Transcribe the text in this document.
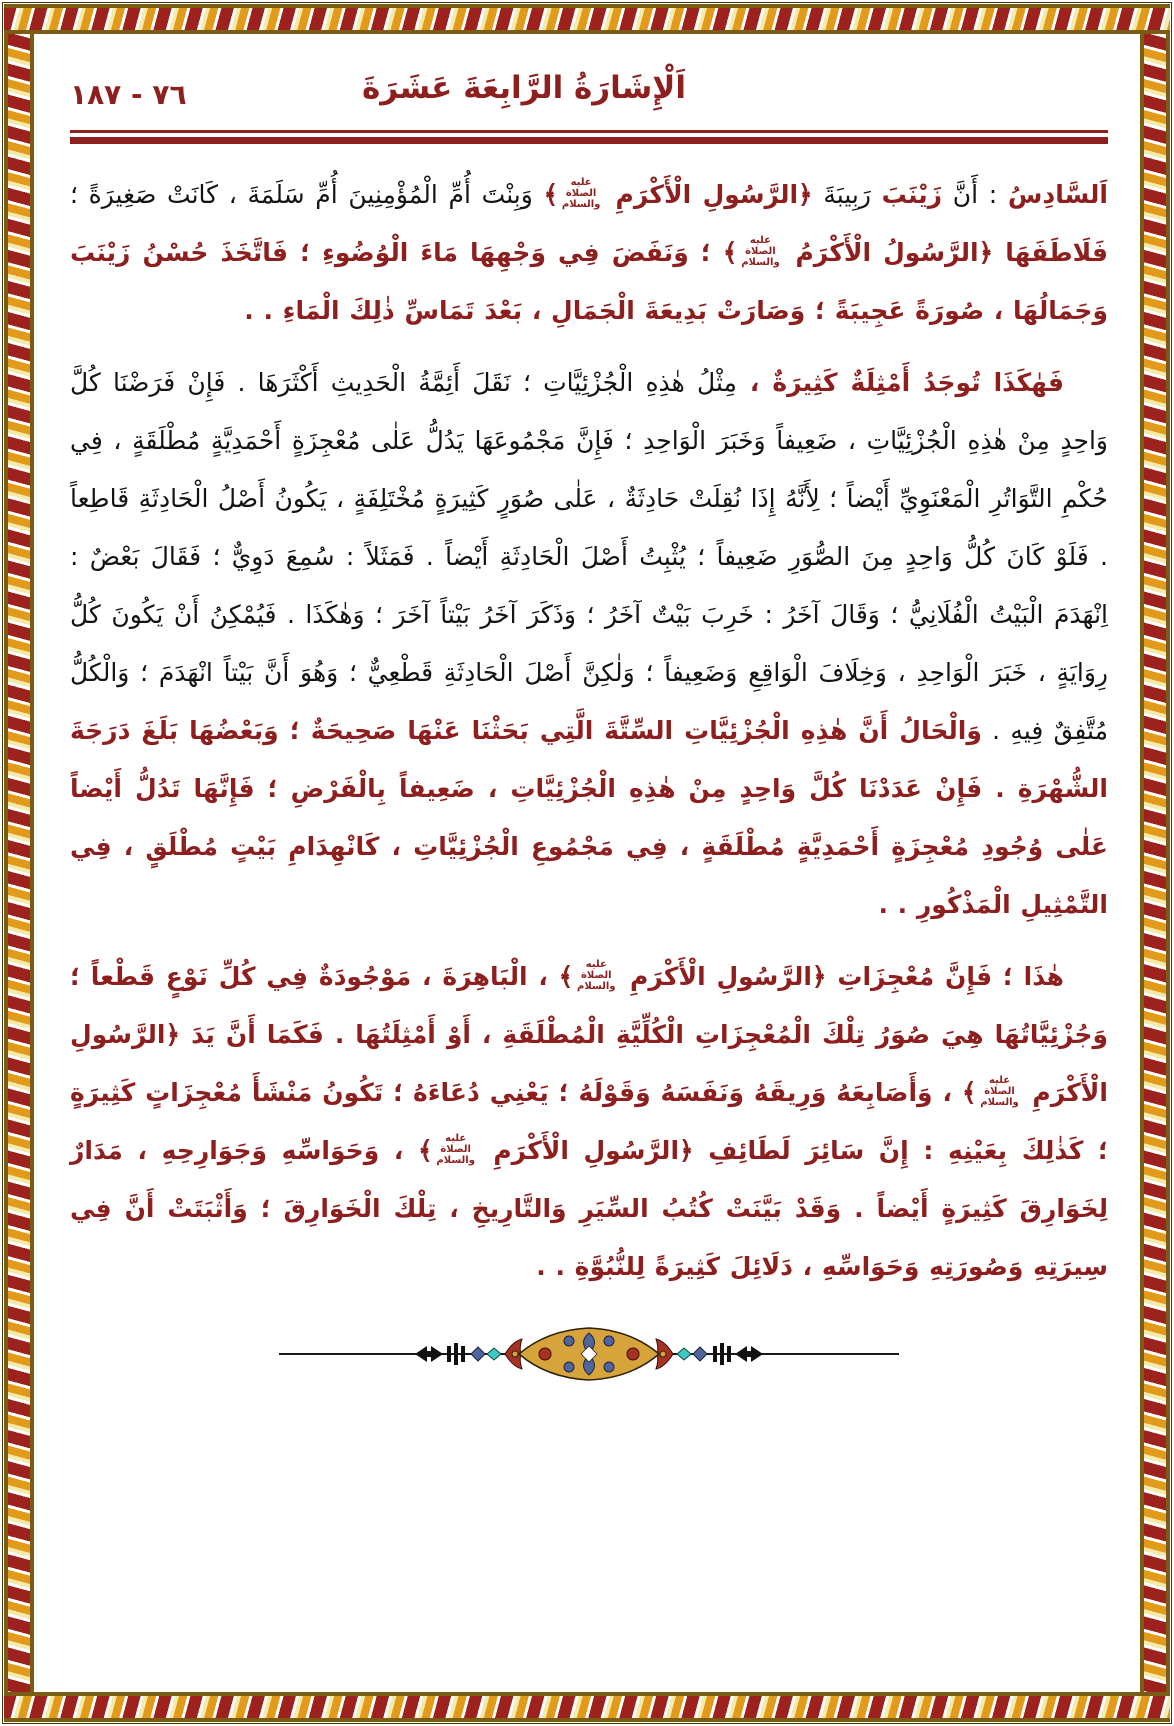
٧٦ - ١٨٧	اَلْإِشَارَةُ الرَّابِعَةَ عَشَرَةَ

اَلسَّادِسُ : أَنَّ زَيْنَبَ رَبِيبَةَ ﴿الرَّسُولِ الْأَكْرَمِ عليه الصلاة والسلام﴾ وَبِنْتَ أُمِّ الْمُؤْمِنِينَ أُمِّ سَلَمَةَ ، كَانَتْ صَغِيرَةً ؛ فَلَاطَفَهَا ﴿الرَّسُولُ الْأَكْرَمُ عليه الصلاة والسلام﴾ ؛ وَنَفَضَ فِي وَجْهِهَا مَاءَ الْوُضُوءِ ؛ فَاتَّخَذَ حُسْنُ زَيْنَبَ وَجَمَالُهَا ، صُورَةً عَجِيبَةً ؛ وَصَارَتْ بَدِيعَةَ الْجَمَالِ ، بَعْدَ تَمَاسِّ ذٰلِكَ الْمَاءِ . .

فَهٰكَذَا تُوجَدُ أَمْثِلَةٌ كَثِيرَةٌ ، مِثْلُ هٰذِهِ الْجُزْئِيَّاتِ ؛ نَقَلَ أَئِمَّةُ الْحَدِيثِ أَكْثَرَهَا . فَإِنْ فَرَضْنَا كُلَّ وَاحِدٍ مِنْ هٰذِهِ الْجُزْئِيَّاتِ ، ضَعِيفاً وَخَبَرَ الْوَاحِدِ ؛ فَإِنَّ مَجْمُوعَهَا يَدُلُّ عَلٰى مُعْجِزَةٍ أَحْمَدِيَّةٍ مُطْلَقَةٍ ، فِي حُكْمِ التَّوَاتُرِ الْمَعْنَوِيِّ أَيْضاً ؛ لِأَنَّهُ إِذَا نُقِلَتْ حَادِثَةٌ ، عَلٰى صُوَرٍ كَثِيرَةٍ مُخْتَلِفَةٍ ، يَكُونُ أَصْلُ الْحَادِثَةِ قَاطِعاً . فَلَوْ كَانَ كُلُّ وَاحِدٍ مِنَ الصُّوَرِ ضَعِيفاً ؛ يُثْبِتُ أَصْلَ الْحَادِثَةِ أَيْضاً . فَمَثَلاً : سُمِعَ دَوِيٌّ ؛ فَقَالَ بَعْضٌ : اِنْهَدَمَ الْبَيْتُ الْفُلَانِيُّ ؛ وَقَالَ آخَرُ : خَرِبَ بَيْتٌ آخَرُ ؛ وَذَكَرَ آخَرُ بَيْتاً آخَرَ ؛ وَهٰكَذَا . فَيُمْكِنُ أَنْ يَكُونَ كُلُّ رِوَايَةٍ ، خَبَرَ الْوَاحِدِ ، وَخِلَافَ الْوَاقِعِ وَضَعِيفاً ؛ وَلٰكِنَّ أَصْلَ الْحَادِثَةِ قَطْعِيٌّ ؛ وَهُوَ أَنَّ بَيْتاً انْهَدَمَ ؛ وَالْكُلُّ مُتَّفِقٌ فِيهِ . وَالْحَالُ أَنَّ هٰذِهِ الْجُزْئِيَّاتِ السِّتَّةَ الَّتِي بَحَثْنَا عَنْهَا صَحِيحَةٌ ؛ وَبَعْضُهَا بَلَغَ دَرَجَةَ الشُّهْرَةِ . فَإِنْ عَدَدْنَا كُلَّ وَاحِدٍ مِنْ هٰذِهِ الْجُزْئِيَّاتِ ، ضَعِيفاً بِالْفَرْضِ ؛ فَإِنَّهَا تَدُلُّ أَيْضاً عَلٰى وُجُودِ مُعْجِزَةٍ أَحْمَدِيَّةٍ مُطْلَقَةٍ ، فِي مَجْمُوعِ الْجُزْئِيَّاتِ ، كَانْهِدَامِ بَيْتٍ مُطْلَقٍ ، فِي التَّمْثِيلِ الْمَذْكُورِ . .

هٰذَا ؛ فَإِنَّ مُعْجِزَاتِ ﴿الرَّسُولِ الْأَكْرَمِ عليه الصلاة والسلام﴾ ، الْبَاهِرَةَ ، مَوْجُودَةٌ فِي كُلِّ نَوْعٍ قَطْعاً ؛ وَجُزْئِيَّاتُهَا هِيَ صُوَرُ تِلْكَ الْمُعْجِزَاتِ الْكُلِّيَّةِ الْمُطْلَقَةِ ، أَوْ أَمْثِلَتُهَا . فَكَمَا أَنَّ يَدَ ﴿الرَّسُولِ الْأَكْرَمِ عليه الصلاة والسلام﴾ ، وَأَصَابِعَهُ وَرِيقَهُ وَنَفَسَهُ وَقَوْلَهُ ؛ يَعْنِي دُعَاءَهُ ؛ تَكُونُ مَنْشَأَ مُعْجِزَاتٍ كَثِيرَةٍ ؛ كَذٰلِكَ بِعَيْنِهِ : إِنَّ سَائِرَ لَطَائِفِ ﴿الرَّسُولِ الْأَكْرَمِ عليه الصلاة والسلام﴾ ، وَحَوَاسِّهِ وَجَوَارِحِهِ ، مَدَارٌ لِخَوَارِقَ كَثِيرَةٍ أَيْضاً . وَقَدْ بَيَّنَتْ كُتُبُ السِّيَرِ وَالتَّارِيخِ ، تِلْكَ الْخَوَارِقَ ؛ وَأَثْبَتَتْ أَنَّ فِي سِيرَتِهِ وَصُورَتِهِ وَحَوَاسِّهِ ، دَلَائِلَ كَثِيرَةً لِلنُّبُوَّةِ . .
